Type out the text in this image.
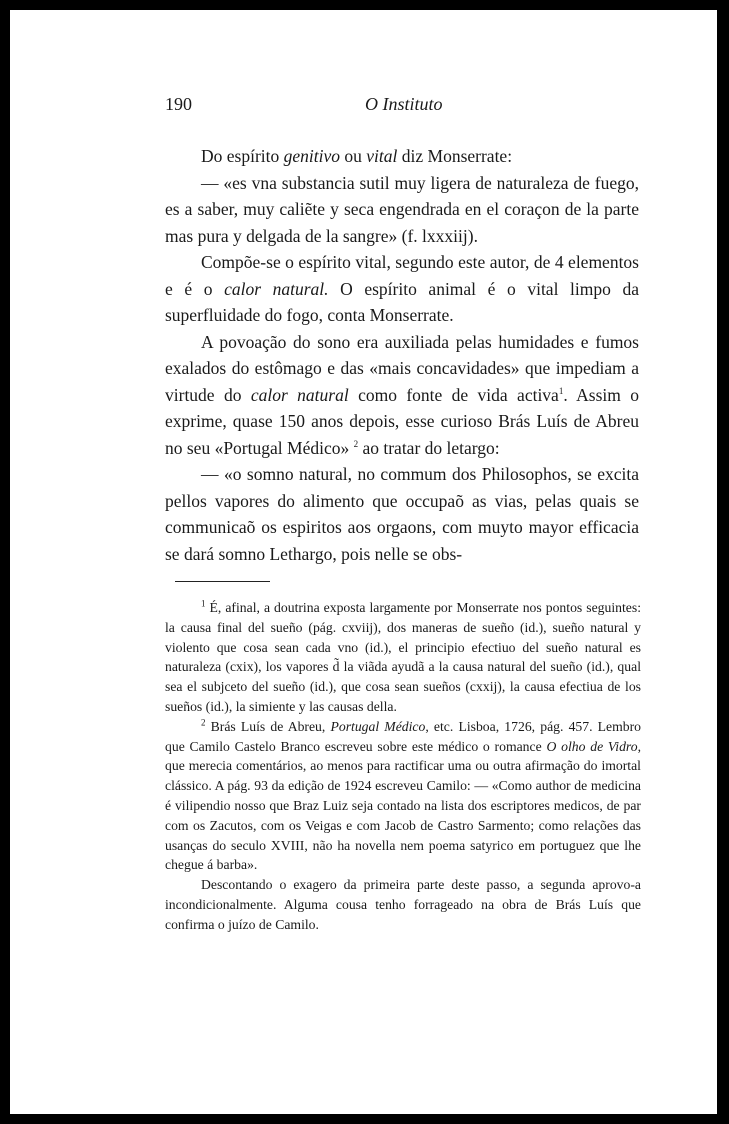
190	O Instituto

Do espírito genitivo ou vital diz Monserrate:

— «es vna substancia sutil muy ligera de naturaleza de fuego, es a saber, muy caliẽte y seca engendrada en el coraçon de la parte mas pura y delgada de la sangre» (f. lxxxiij).

Compõe-se o espírito vital, segundo este autor, de 4 elementos e é o calor natural. O espírito animal é o vital limpo da superfluidade do fogo, conta Monserrate.

A povoação do sono era auxiliada pelas humidades e fumos exalados do estômago e das «mais concavidades» que impediam a virtude do calor natural como fonte de vida activa$^1$. Assim o exprime, quase 150 anos depois, esse curioso Brás Luís de Abreu no seu «Portugal Médico» $^2$ ao tratar do letargo:

— «o somno natural, no commum dos Philosophos, se excita pellos vapores do alimento que occupaõ as vias, pelas quais se communicaõ os espiritos aos orgaons, com muyto mayor efficacia se dará somno Lethargo, pois nelle se obs-

$^1$ É, afinal, a doutrina exposta largamente por Monserrate nos pontos seguintes: la causa final del sueño (pág. cxviij), dos maneras de sueño (id.), sueño natural y violento que cosa sean cada vno (id.), el principio efectiuo del sueño natural es naturaleza (cxix), los vapores d̃ la viãda ayudã a la causa natural del sueño (id.), qual sea el subjceto del sueño (id.), que cosa sean sueños (cxxij), la causa efectiua de los sueños (id.), la simiente y las causas della.

$^2$ Brás Luís de Abreu, Portugal Médico, etc. Lisboa, 1726, pág. 457. Lembro que Camilo Castelo Branco escreveu sobre este médico o romance O olho de Vidro, que merecia comentários, ao menos para ractificar uma ou outra afirmação do imortal clássico. A pág. 93 da edição de 1924 escreveu Camilo: — «Como author de medicina é vilipendio nosso que Braz Luiz seja contado na lista dos escriptores medicos, de par com os Zacutos, com os Veigas e com Jacob de Castro Sarmento; como relações das usanças do seculo XVIII, não ha novella nem poema satyrico em portuguez que lhe chegue á barba».

Descontando o exagero da primeira parte deste passo, a segunda aprovo-a incondicionalmente. Alguma cousa tenho forrageado na obra de Brás Luís que confirma o juízo de Camilo.
